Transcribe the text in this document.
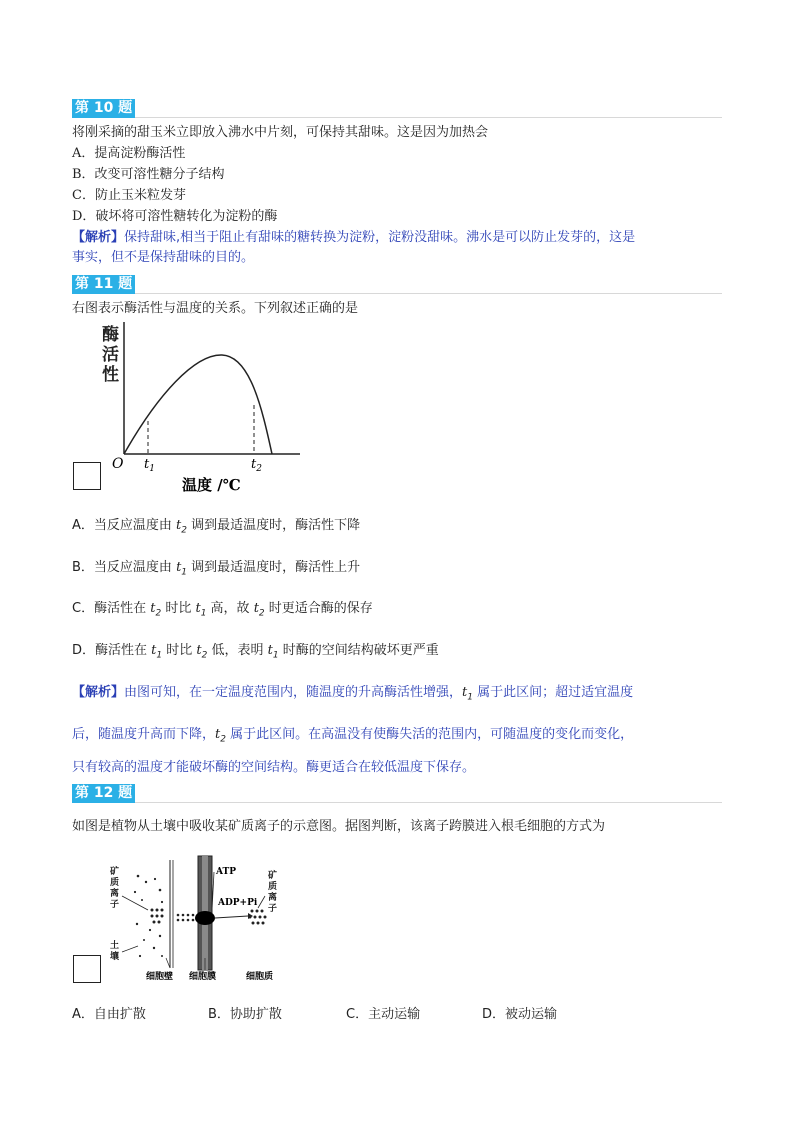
第 10 题
将刚采摘的甜玉米立即放入沸水中片刻，可保持其甜味。这是因为加热会
A．提高淀粉酶活性
B．改变可溶性糖分子结构
C．防止玉米粒发芽
D．破坏将可溶性糖转化为淀粉的酶
【解析】保持甜味,相当于阻止有甜味的糖转换为淀粉，淀粉没甜味。沸水是可以防止发芽的，这是
事实，但不是保持甜味的目的。
第 11 题
右图表示酶活性与温度的关系。下列叙述正确的是
酶
活
性
O $t_1$	$t_2$
温度 /℃
A．当反应温度由 $t_2$ 调到最适温度时，酶活性下降
B．当反应温度由 $t_1$ 调到最适温度时，酶活性上升
C．酶活性在 $t_2$ 时比 $t_1$ 高，故 $t_2$ 时更适合酶的保存
D．酶活性在 $t_1$ 时比 $t_2$ 低，表明 $t_1$ 时酶的空间结构破坏更严重
【解析】由图可知，在一定温度范围内，随温度的升高酶活性增强，$t_1$ 属于此区间；超过适宜温度
后，随温度升高而下降，$t_2$ 属于此区间。在高温没有使酶失活的范围内，可随温度的变化而变化，
只有较高的温度才能破坏酶的空间结构。酶更适合在较低温度下保存。
第 12 题
如图是植物从土壤中吸收某矿质离子的示意图。据图判断，该离子跨膜进入根毛细胞的方式为
矿
质
离
子
土
壤
ATP
ADP+Pi
矿
质
离
子
细胞壁 细胞膜	细胞质
A．自由扩散	B．协助扩散	C．主动运输	D．被动运输
